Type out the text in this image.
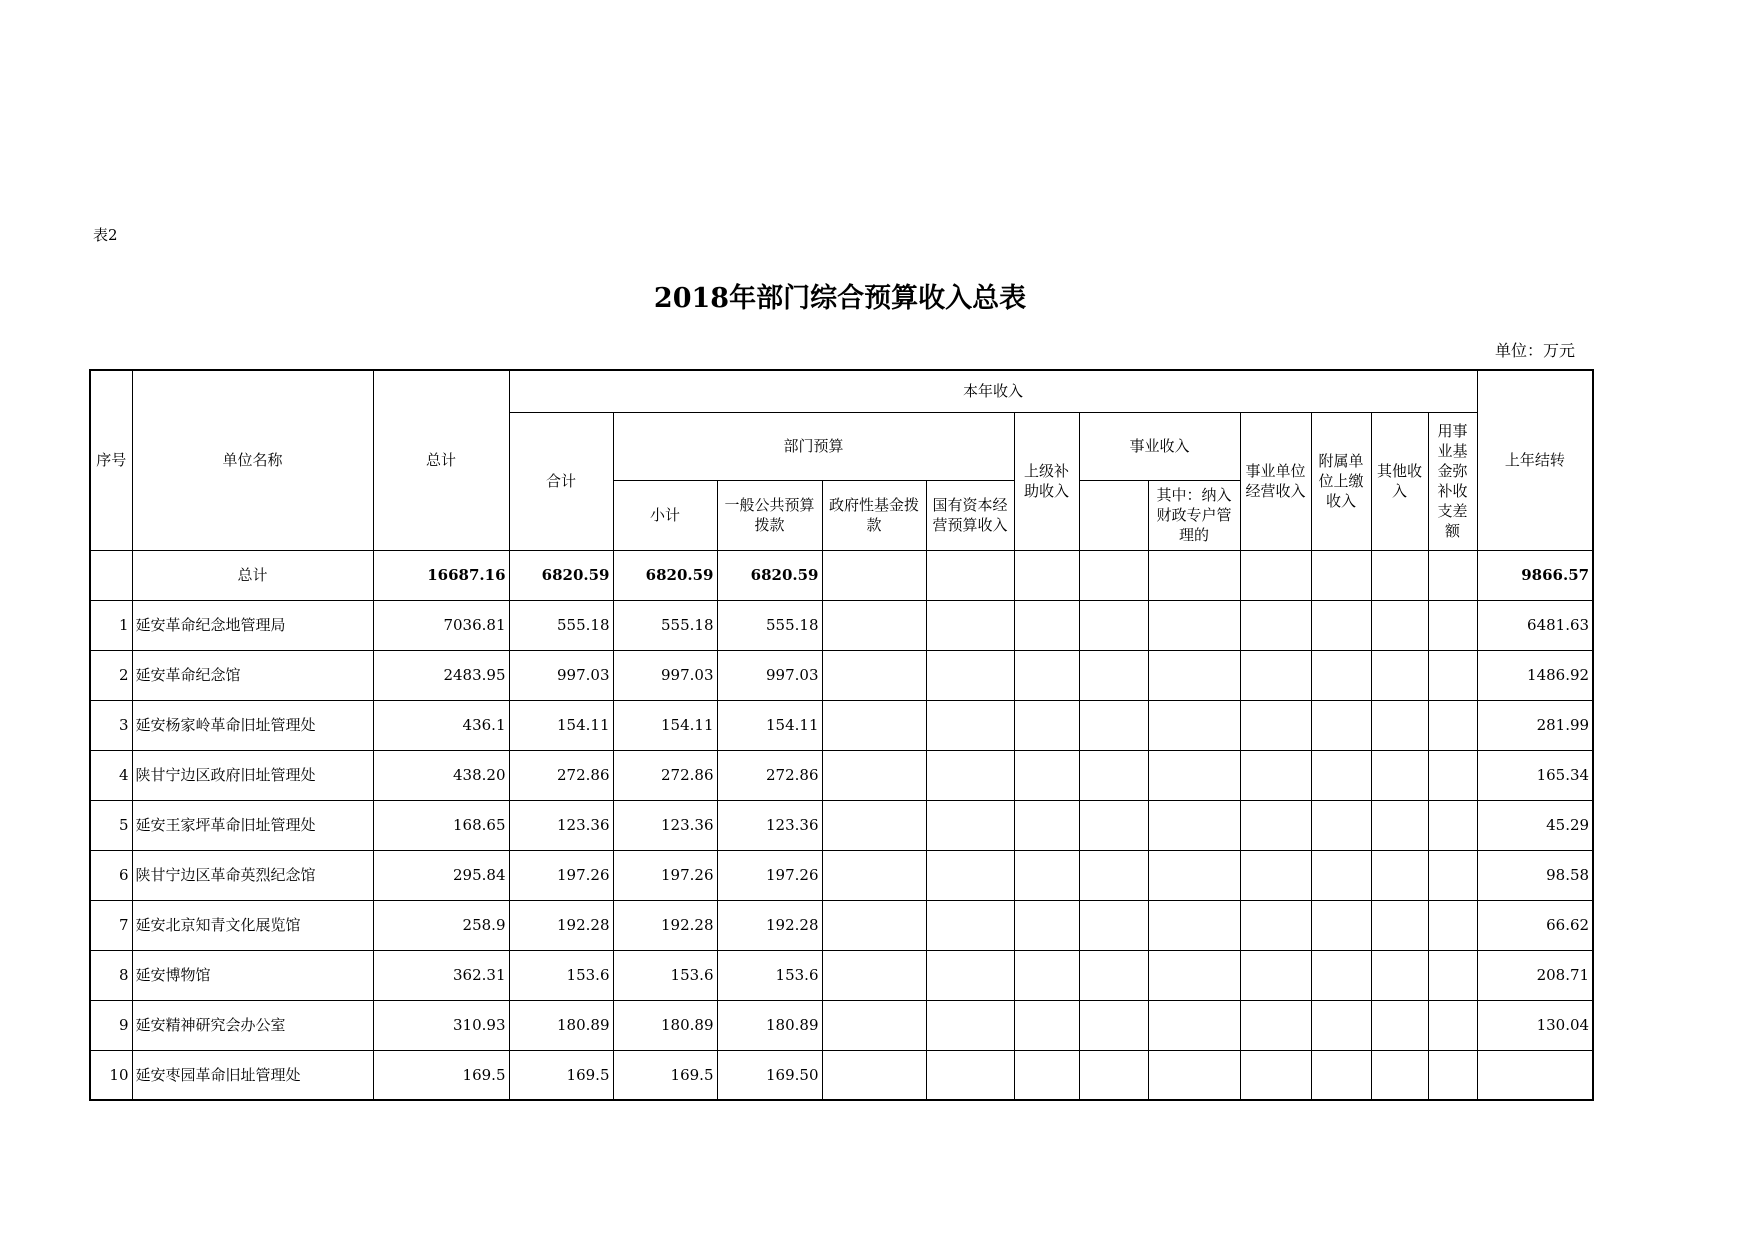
表2
2018年部门综合预算收入总表
单位：万元
序号	单位名称	总计	本年收入												上年结转
			合计	部门预算				上级补助收入	事业收入		事业单位经营收入	附属单位上缴收入	其他收入	用事业基金弥补收支差额	
				小计	一般公共预算拨款	政府性基金拨款	国有资本经营预算收入			其中：纳入财政专户管理的					
	总计	16687.16	6820.59	6820.59	6820.59										9866.57
1	延安革命纪念地管理局	7036.81	555.18	555.18	555.18										6481.63
2	延安革命纪念馆	2483.95	997.03	997.03	997.03										1486.92
3	延安杨家岭革命旧址管理处	436.1	154.11	154.11	154.11										281.99
4	陕甘宁边区政府旧址管理处	438.20	272.86	272.86	272.86										165.34
5	延安王家坪革命旧址管理处	168.65	123.36	123.36	123.36										45.29
6	陕甘宁边区革命英烈纪念馆	295.84	197.26	197.26	197.26										98.58
7	延安北京知青文化展览馆	258.9	192.28	192.28	192.28										66.62
8	延安博物馆	362.31	153.6	153.6	153.6										208.71
9	延安精神研究会办公室	310.93	180.89	180.89	180.89										130.04
10	延安枣园革命旧址管理处	169.5	169.5	169.5	169.50										
